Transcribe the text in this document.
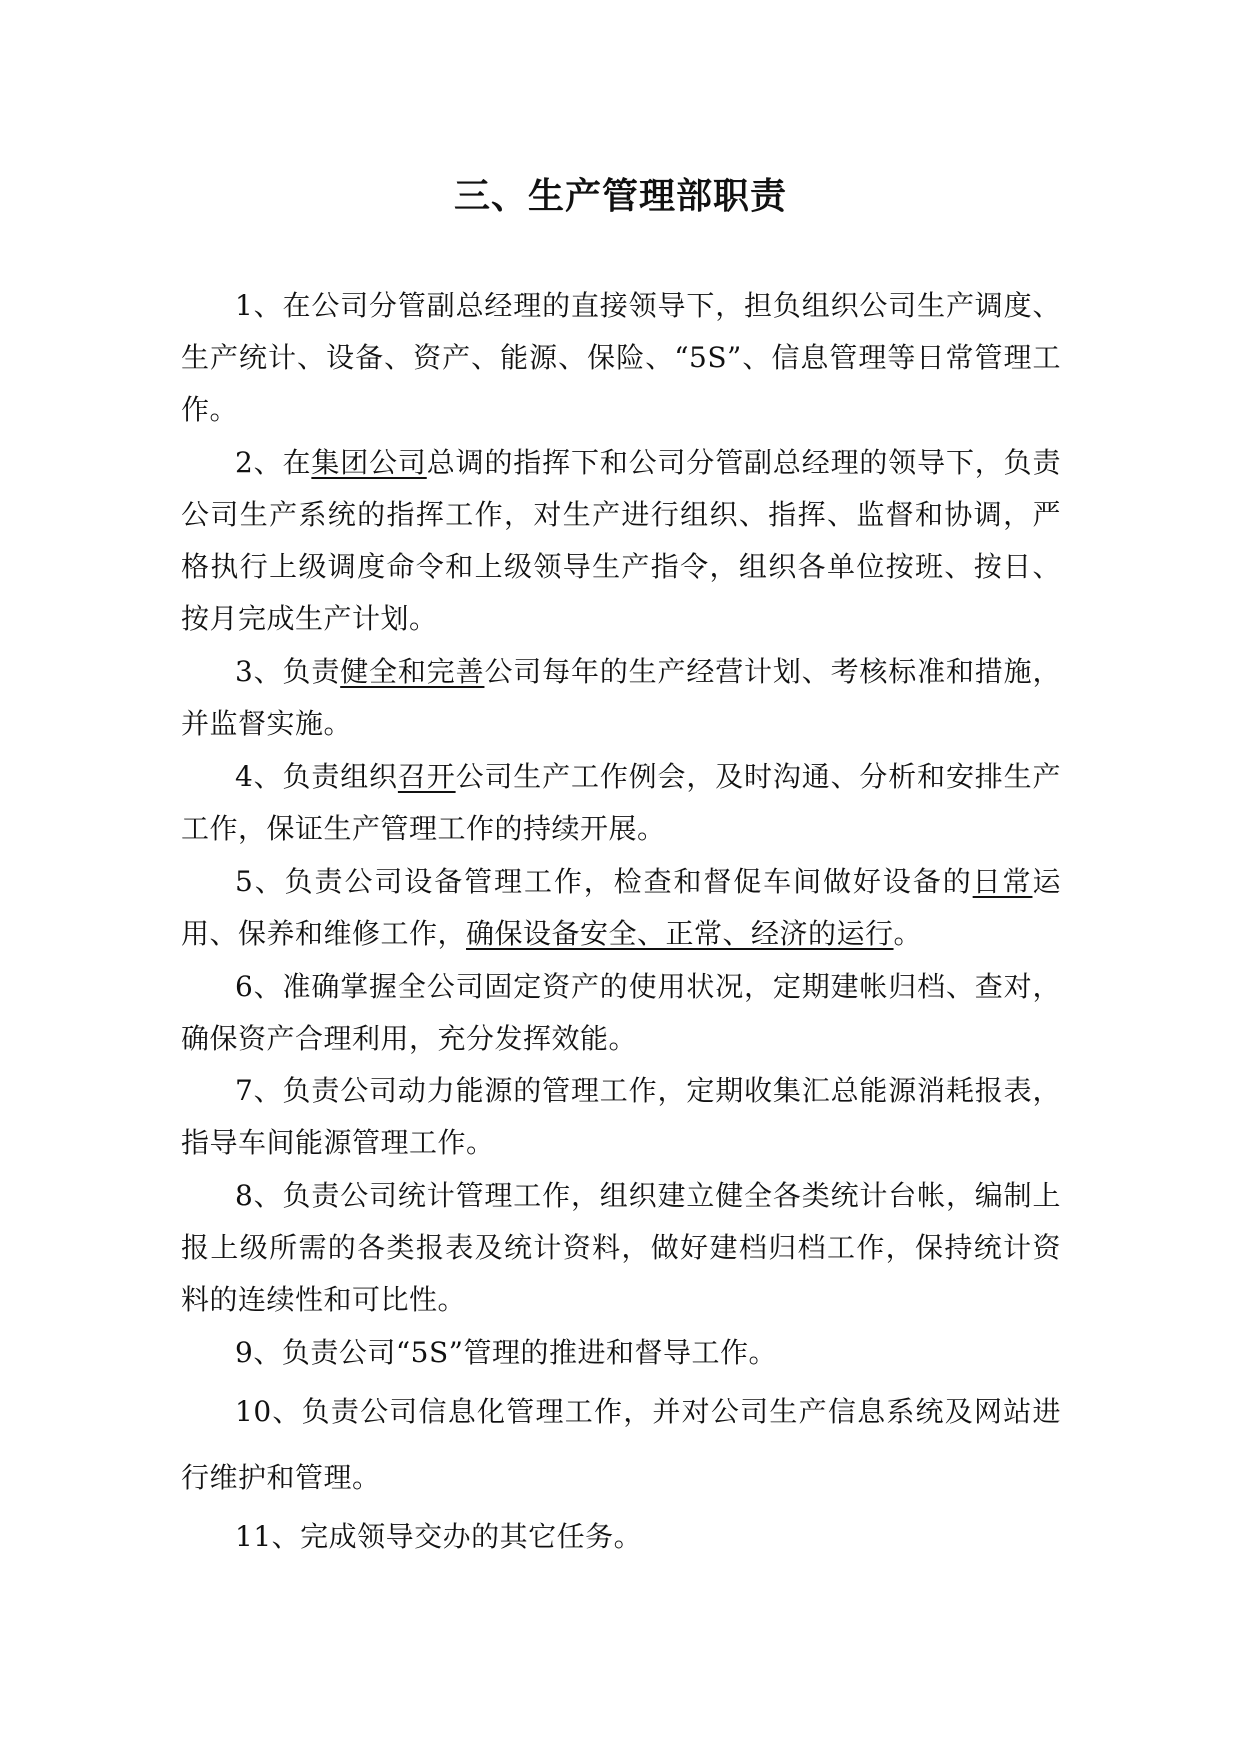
三、生产管理部职责

1、在公司分管副总经理的直接领导下，担负组织公司生产调度、生产统计、设备、资产、能源、保险、“5S”、信息管理等日常管理工作。

2、在集团公司总调的指挥下和公司分管副总经理的领导下，负责公司生产系统的指挥工作，对生产进行组织、指挥、监督和协调，严格执行上级调度命令和上级领导生产指令，组织各单位按班、按日、按月完成生产计划。

3、负责健全和完善公司每年的生产经营计划、考核标准和措施，并监督实施。

4、负责组织召开公司生产工作例会，及时沟通、分析和安排生产工作，保证生产管理工作的持续开展。

5、负责公司设备管理工作，检查和督促车间做好设备的日常运用、保养和维修工作，确保设备安全、正常、经济的运行。

6、准确掌握全公司固定资产的使用状况，定期建帐归档、查对，确保资产合理利用，充分发挥效能。

7、负责公司动力能源的管理工作，定期收集汇总能源消耗报表，指导车间能源管理工作。

8、负责公司统计管理工作，组织建立健全各类统计台帐，编制上报上级所需的各类报表及统计资料，做好建档归档工作，保持统计资料的连续性和可比性。

9、负责公司“5S”管理的推进和督导工作。

10、负责公司信息化管理工作，并对公司生产信息系统及网站进行维护和管理。

11、完成领导交办的其它任务。
